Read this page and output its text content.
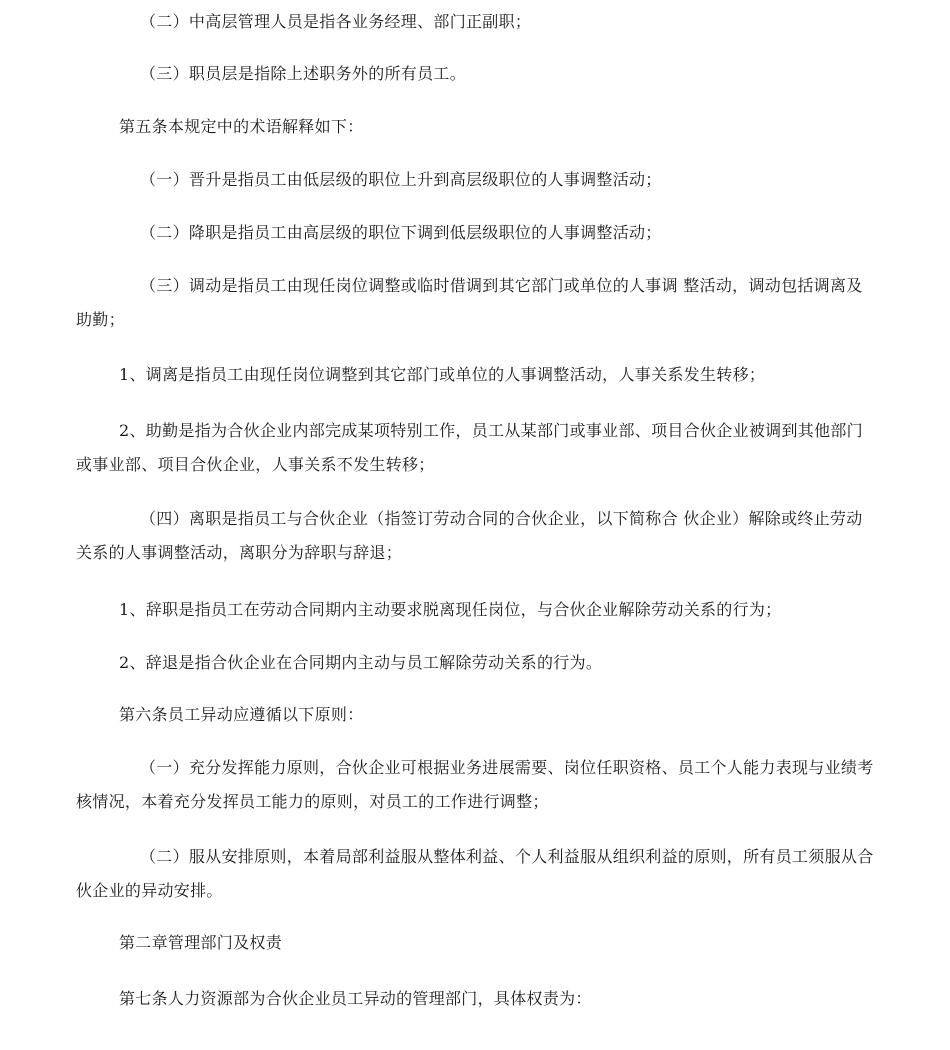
（二）中高层管理人员是指各业务经理、部门正副职；
（三）职员层是指除上述职务外的所有员工。
第五条本规定中的术语解释如下：
（一）晋升是指员工由低层级的职位上升到高层级职位的人事调整活动；
（二）降职是指员工由高层级的职位下调到低层级职位的人事调整活动；
（三）调动是指员工由现任岗位调整或临时借调到其它部门或单位的人事调 整活动，调动包括调离及助勤；
1、调离是指员工由现任岗位调整到其它部门或单位的人事调整活动，人事关系发生转移；
2、助勤是指为合伙企业内部完成某项特别工作，员工从某部门或事业部、项目合伙企业被调到其他部门或事业部、项目合伙企业，人事关系不发生转移；
（四）离职是指员工与合伙企业（指签订劳动合同的合伙企业，以下简称合 伙企业）解除或终止劳动关系的人事调整活动，离职分为辞职与辞退；
1、辞职是指员工在劳动合同期内主动要求脱离现任岗位，与合伙企业解除劳动关系的行为；
2、辞退是指合伙企业在合同期内主动与员工解除劳动关系的行为。
第六条员工异动应遵循以下原则：
（一）充分发挥能力原则，合伙企业可根据业务进展需要、岗位任职资格、员工个人能力表现与业绩考核情况，本着充分发挥员工能力的原则，对员工的工作进行调整；
（二）服从安排原则，本着局部利益服从整体利益、个人利益服从组织利益的原则，所有员工须服从合伙企业的异动安排。
第二章管理部门及权责
第七条人力资源部为合伙企业员工异动的管理部门，具体权责为：
